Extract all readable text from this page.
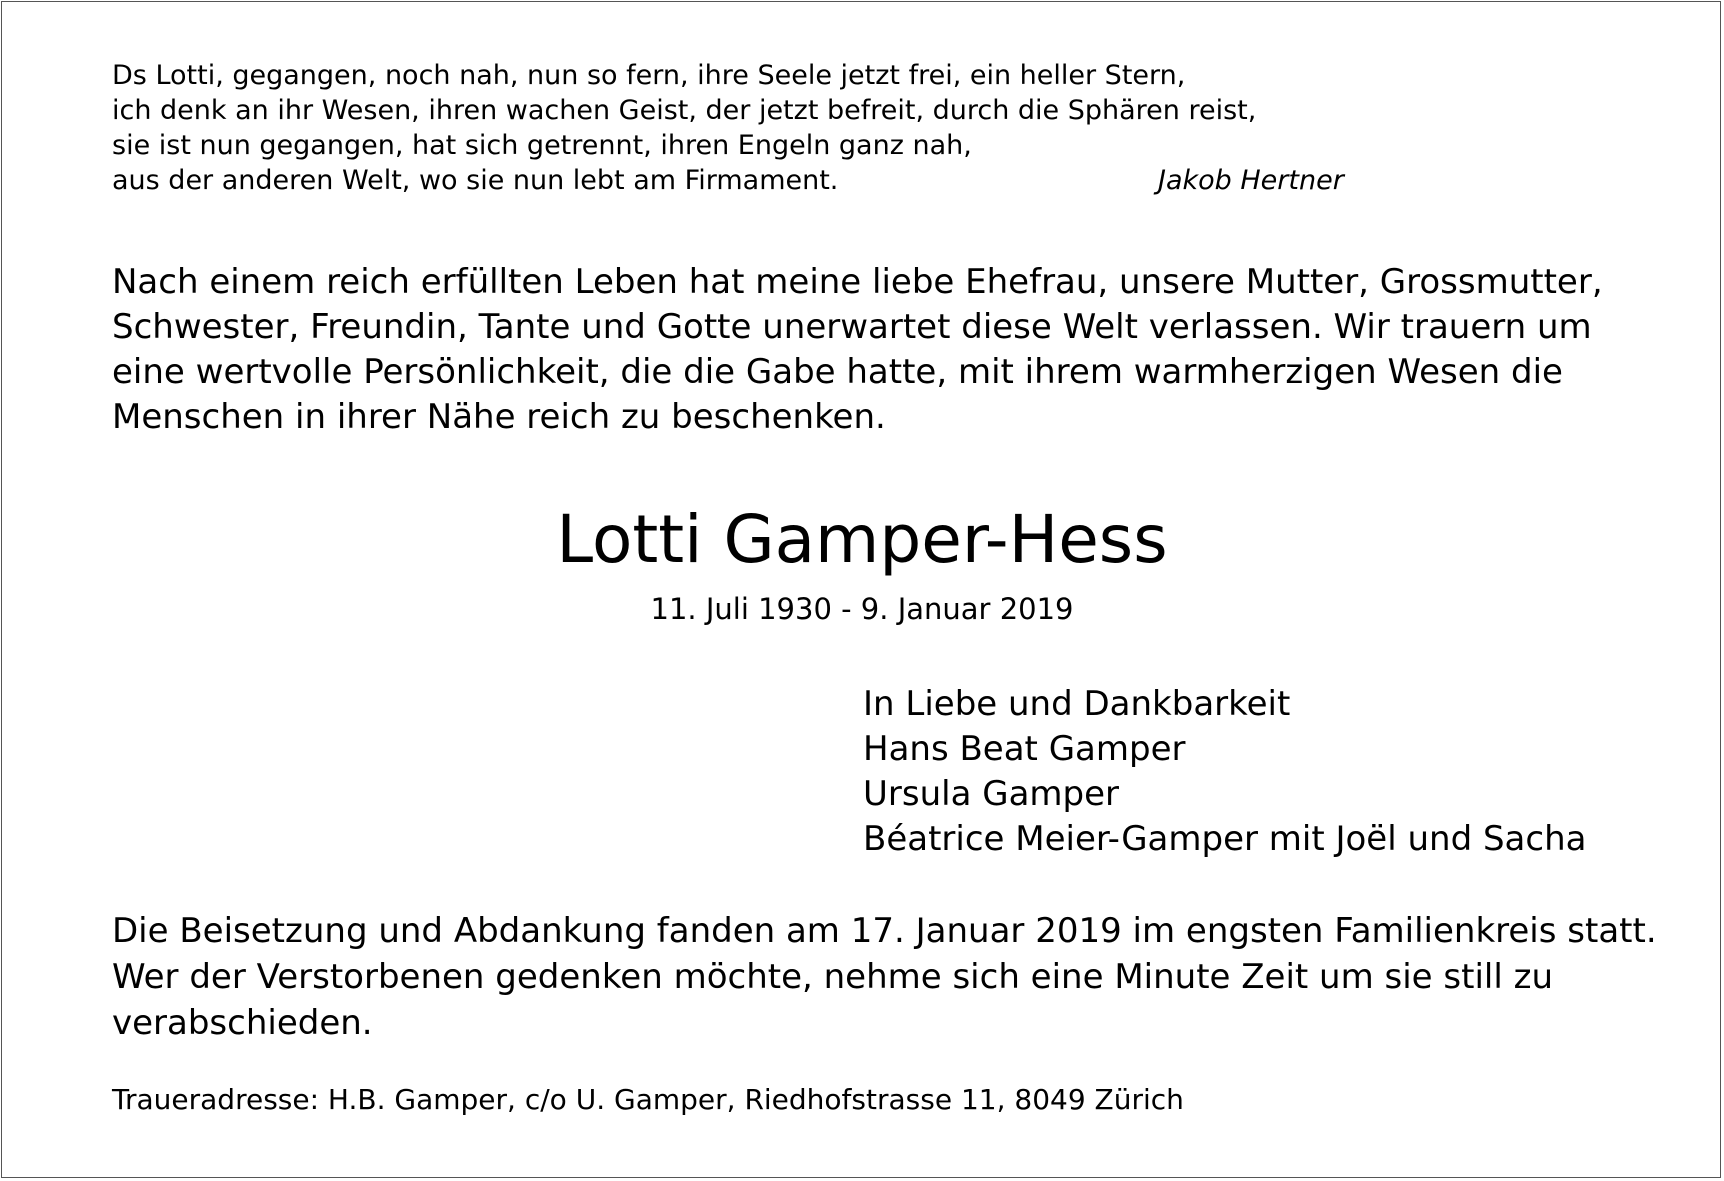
Ds Lotti, gegangen, noch nah, nun so fern, ihre Seele jetzt frei, ein heller Stern,
ich denk an ihr Wesen, ihren wachen Geist, der jetzt befreit, durch die Sphären reist,
sie ist nun gegangen, hat sich getrennt, ihren Engeln ganz nah,
aus der anderen Welt, wo sie nun lebt am Firmament.	Jakob Hertner

Nach einem reich erfüllten Leben hat meine liebe Ehefrau, unsere Mutter, Grossmutter, Schwester, Freundin, Tante und Gotte unerwartet diese Welt verlassen. Wir trauern um eine wertvolle Persönlichkeit, die die Gabe hatte, mit ihrem warmherzigen Wesen die Menschen in ihrer Nähe reich zu beschenken.

Lotti Gamper-Hess
11. Juli 1930 - 9. Januar 2019
In Liebe und Dankbarkeit
Hans Beat Gamper
Ursula Gamper
Béatrice Meier-Gamper mit Joël und Sacha

Die Beisetzung und Abdankung fanden am 17. Januar 2019 im engsten Familienkreis statt. Wer der Verstorbenen gedenken möchte, nehme sich eine Minute Zeit um sie still zu verabschieden.

Traueradresse: H.B. Gamper, c/o U. Gamper, Riedhofstrasse 11, 8049 Zürich
